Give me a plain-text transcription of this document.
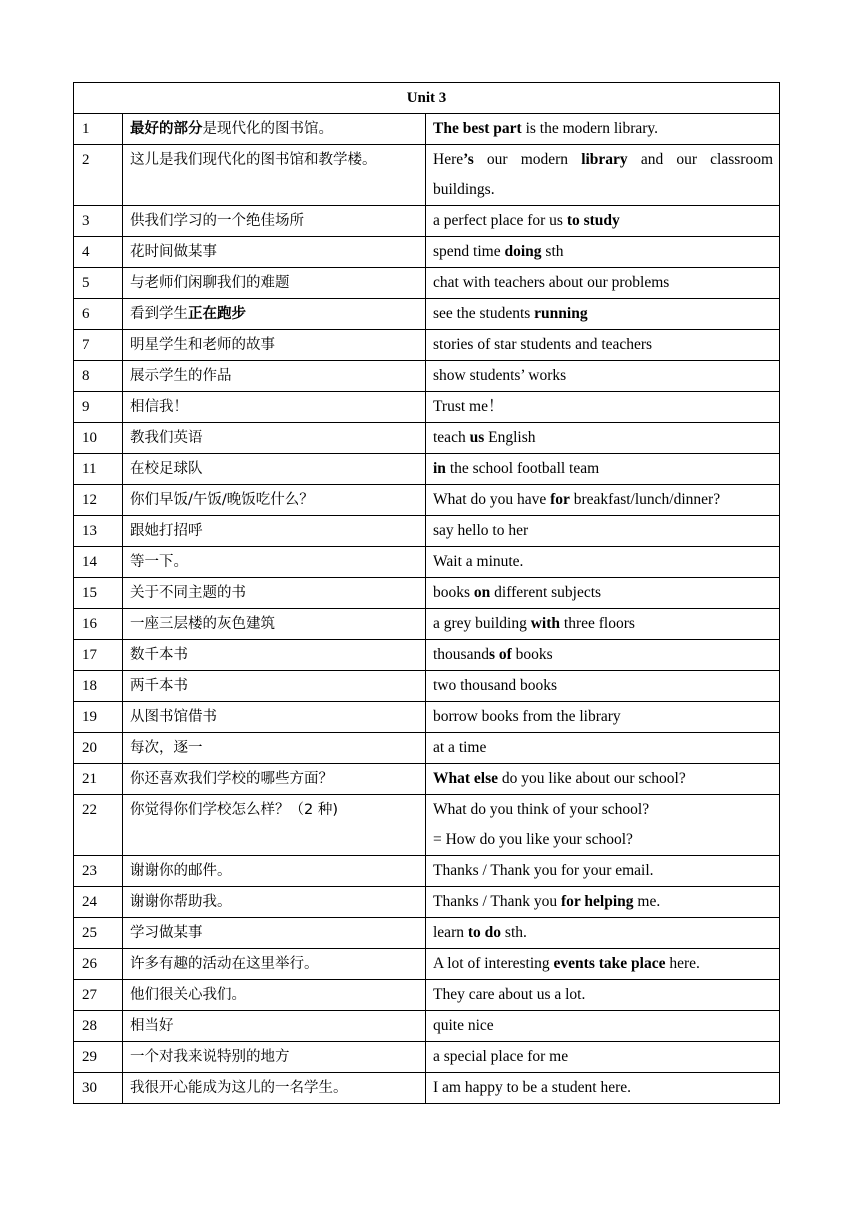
Unit 3		
1	最好的部分是现代化的图书馆。	The best part is the modern library.

2	这儿是我们现代化的图书馆和教学楼。	Here’s our modern library and our classroom
buildings.

3	供我们学习的一个绝佳场所	a perfect place for us to study

4	花时间做某事	spend time doing sth

5	与老师们闲聊我们的难题	chat with teachers about our problems

6	看到学生正在跑步	see the students running

7	明星学生和老师的故事	stories of star students and teachers

8	展示学生的作品	show students’ works

9	相信我！	Trust me！

10	教我们英语	teach us English

11	在校足球队	in the school football team

12	你们早饭/午饭/晚饭吃什么？	What do you have for breakfast/lunch/dinner?

13	跟她打招呼	say hello to her

14	等一下。	Wait a minute.

15	关于不同主题的书	books on different subjects

16	一座三层楼的灰色建筑	a grey building with three floors

17	数千本书	thousands of books

18	两千本书	two thousand books

19	从图书馆借书	borrow books from the library

20	每次，逐一	at a time

21	你还喜欢我们学校的哪些方面？	What else do you like about our school?

22	你觉得你们学校怎么样？（2 种)	What do you think of your school?
= How do you like your school?

23	谢谢你的邮件。	Thanks / Thank you for your email.

24	谢谢你帮助我。	Thanks / Thank you for helping me.

25	学习做某事	learn to do sth.

26	许多有趣的活动在这里举行。	A lot of interesting events take place here.

27	他们很关心我们。	They care about us a lot.

28	相当好	quite nice

29	一个对我来说特别的地方	a special place for me

30	我很开心能成为这儿的一名学生。	I am happy to be a student here.
